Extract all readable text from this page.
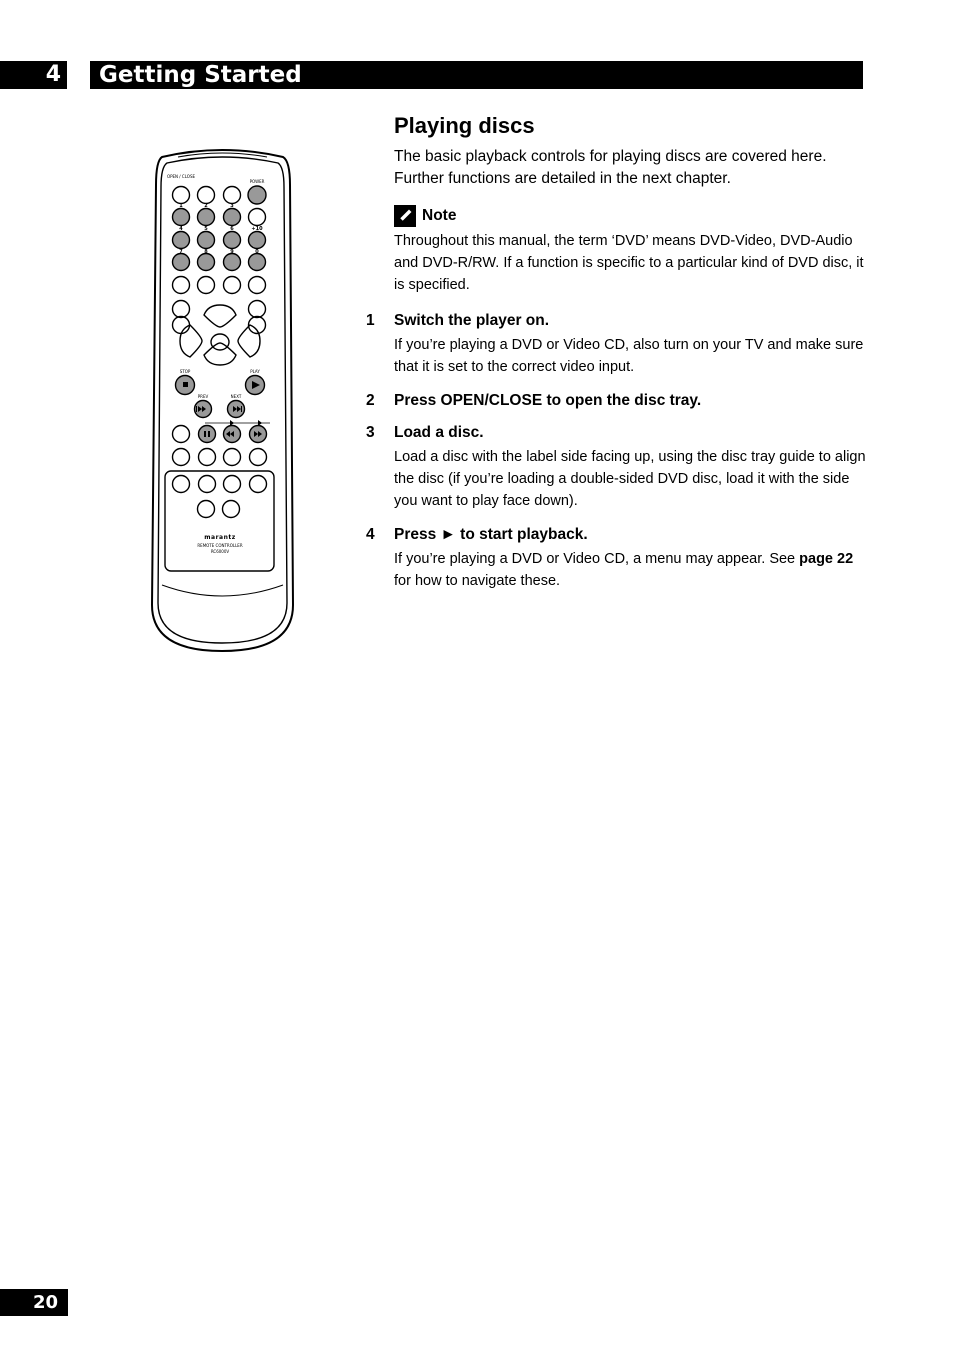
4	Getting Started
OPEN / CLOSE
POWER
STOP	PLAY
PREV	NEXT
marantz
REMOTE CONTROLLER
RC6000V
1	2	3
4	5	6	+10
7	8	9	0
Playing discs
The basic playback controls for playing discs are covered here. Further functions are detailed in the next chapter.
Note
Throughout this manual, the term ‘DVD’ means DVD-Video, DVD-Audio and DVD-R/RW. If a function is specific to a particular kind of DVD disc, it is specified.
1	Switch the player on.
If you’re playing a DVD or Video CD, also turn on your TV and make sure that it is set to the correct video input.
2	Press OPEN/CLOSE to open the disc tray.
3	Load a disc.
Load a disc with the label side facing up, using the disc tray guide to align the disc (if you’re loading a double-sided DVD disc, load it with the side you want to play face down).
4	Press ► to start playback.
If you’re playing a DVD or Video CD, a menu may appear. See page 22 for how to navigate these.
20
